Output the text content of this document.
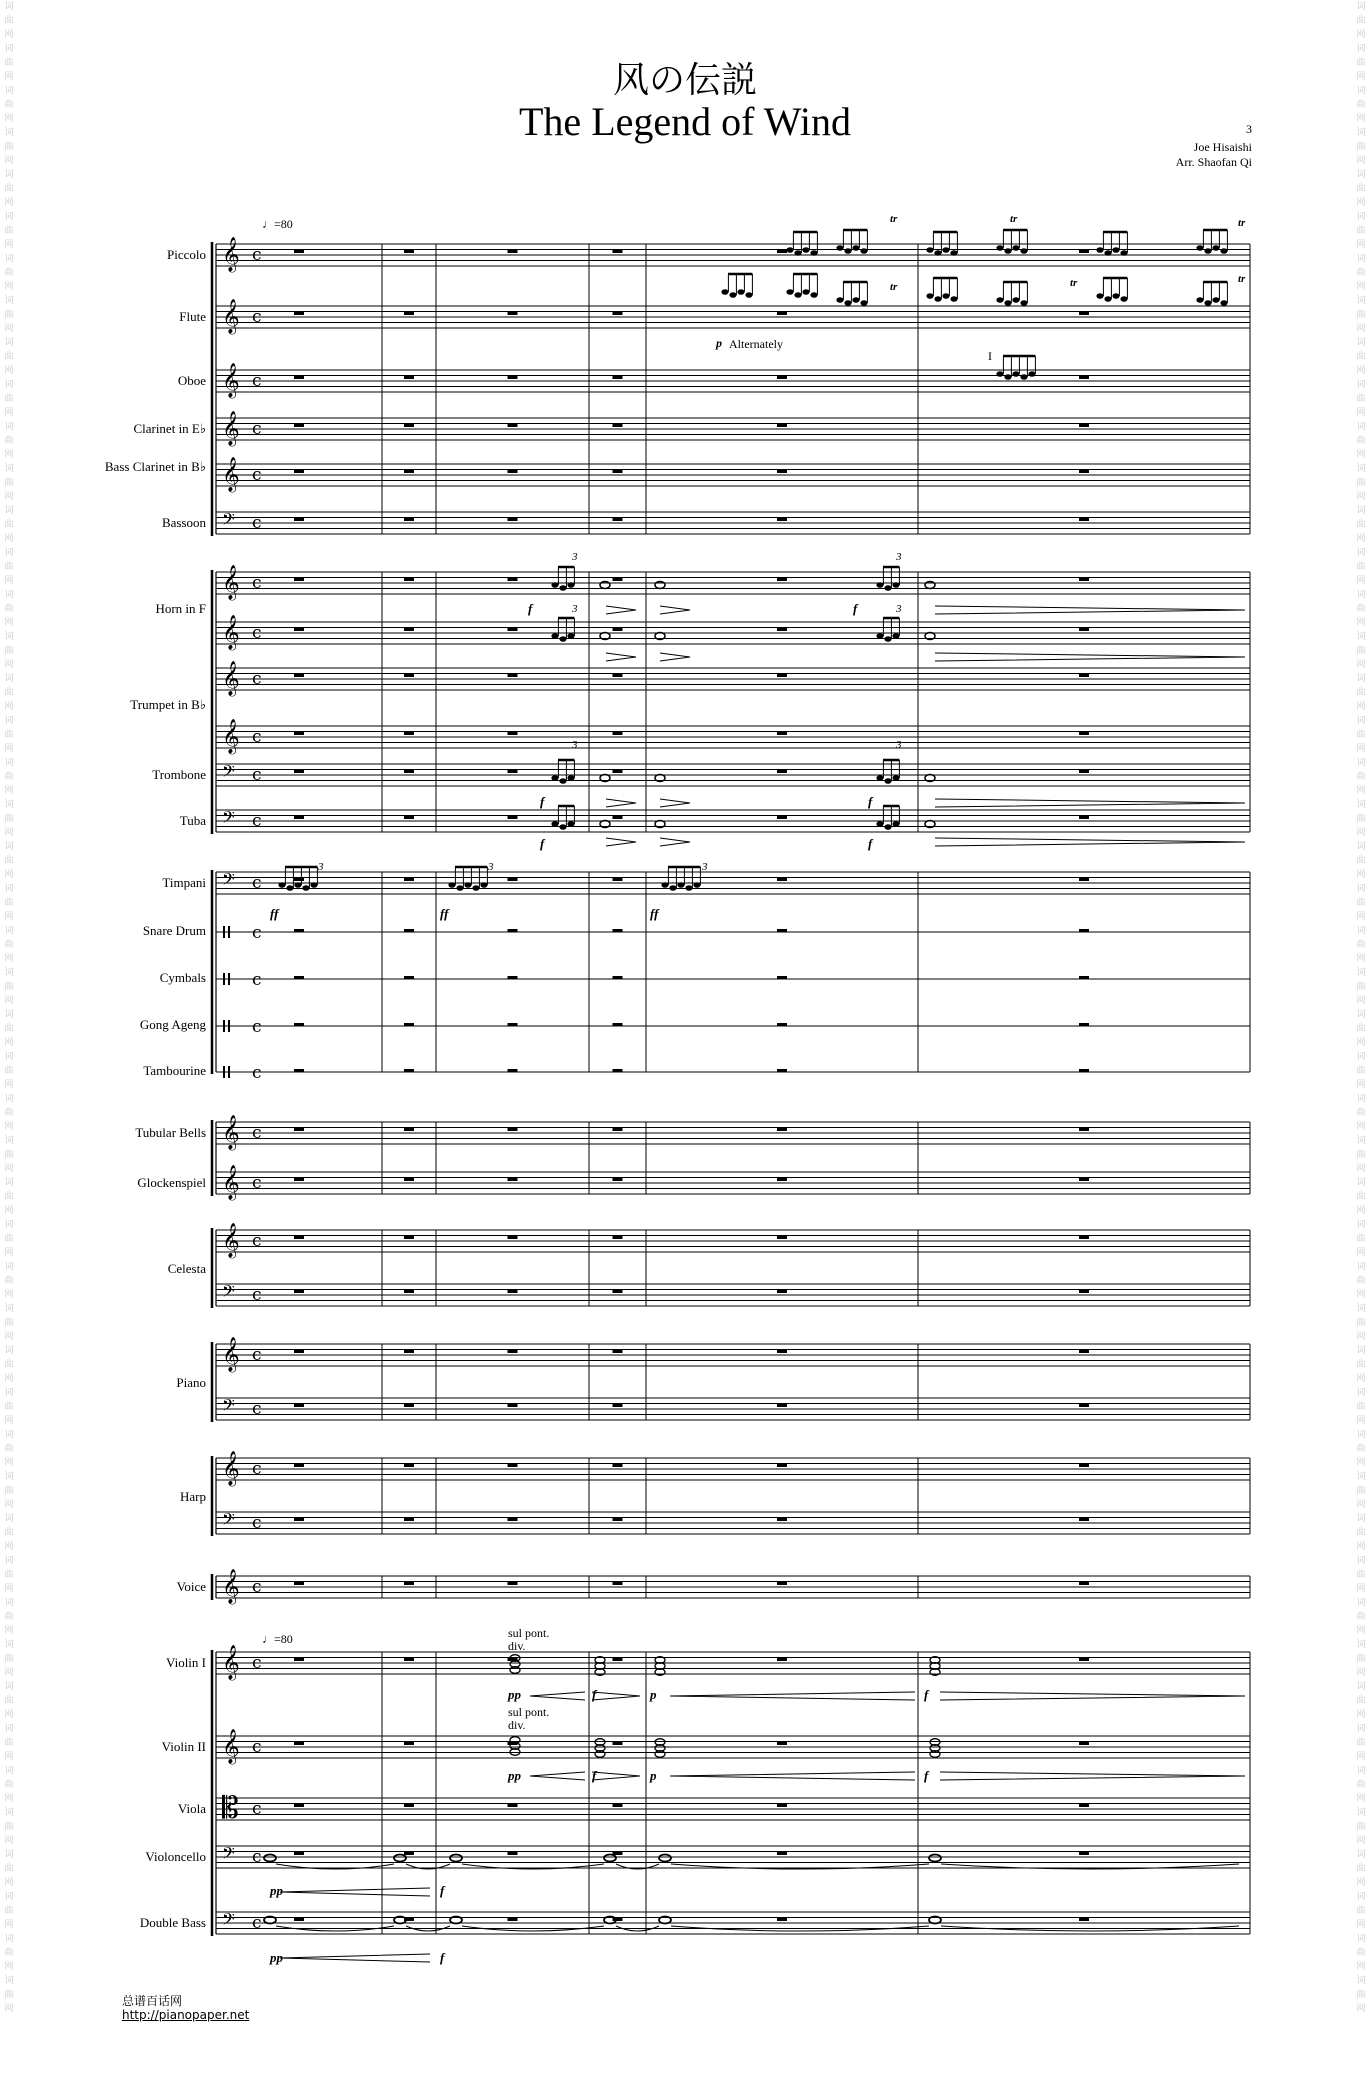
词曲网词曲网词曲网词曲网词曲网词曲网词曲网词曲网词曲网词曲网词曲网词曲网词曲网词曲网词曲网词曲网词曲网词曲网词曲网词曲网词曲网词曲网词曲网词曲网词曲网词曲网词曲网词曲网词曲网词曲网词曲网词曲网词曲网词曲网词曲网词曲网词曲网词曲网词曲网词曲网词曲网词曲网词曲网词曲网词曲网词曲网词曲网词曲网
词曲网词曲网词曲网词曲网词曲网词曲网词曲网词曲网词曲网词曲网词曲网词曲网词曲网词曲网词曲网词曲网词曲网词曲网词曲网词曲网词曲网词曲网词曲网词曲网词曲网词曲网词曲网词曲网词曲网词曲网词曲网词曲网词曲网词曲网词曲网词曲网词曲网词曲网词曲网词曲网词曲网词曲网词曲网词曲网词曲网词曲网词曲网词曲网
风の伝説
The Legend of Wind	3
Joe Hisaishi
Arr. Shaofan Qi
♩=80
♩=80
Piccolo
Flute
Oboe
Clarinet in E♭
Bass Clarinet in B♭
Bassoon
Horn in F
Trumpet in B♭
Trombone
Tuba
Timpani
Snare Drum
Cymbals
Gong Ageng
Tambourine
Tubular Bells
Glockenspiel
Celesta
Piano
Harp
Voice
Violin I
Violin II
Viola
Violoncello
Double Bass
p Alternately
I
sul pont.
div.
sul pont.
div.
总谱百话网
http://pianopaper.net
𝄞 c
𝄞 c
𝄞 c
𝄞 c
𝄞 c
𝄢 c
𝄞 c
𝄞 c
𝄞 c
𝄞 c
𝄢 c
𝄢 c
𝄢 c
c
c
c
c
𝄞 c
𝄞 c
𝄞 c
𝄢 c
𝄞 c
𝄢 c
𝄞 c
𝄢 c
𝄞 c
𝄞 c
𝄞 c
𝄡 c
𝄢 c
𝄢 c
f	f
f	f
f	f
ff	ff	ff
pp	f	p	f
pp	f	p	f
pp	f
pp	f
3
3
3
3
3
3
3	3	3
tr	tr	tr
tr	tr	tr
